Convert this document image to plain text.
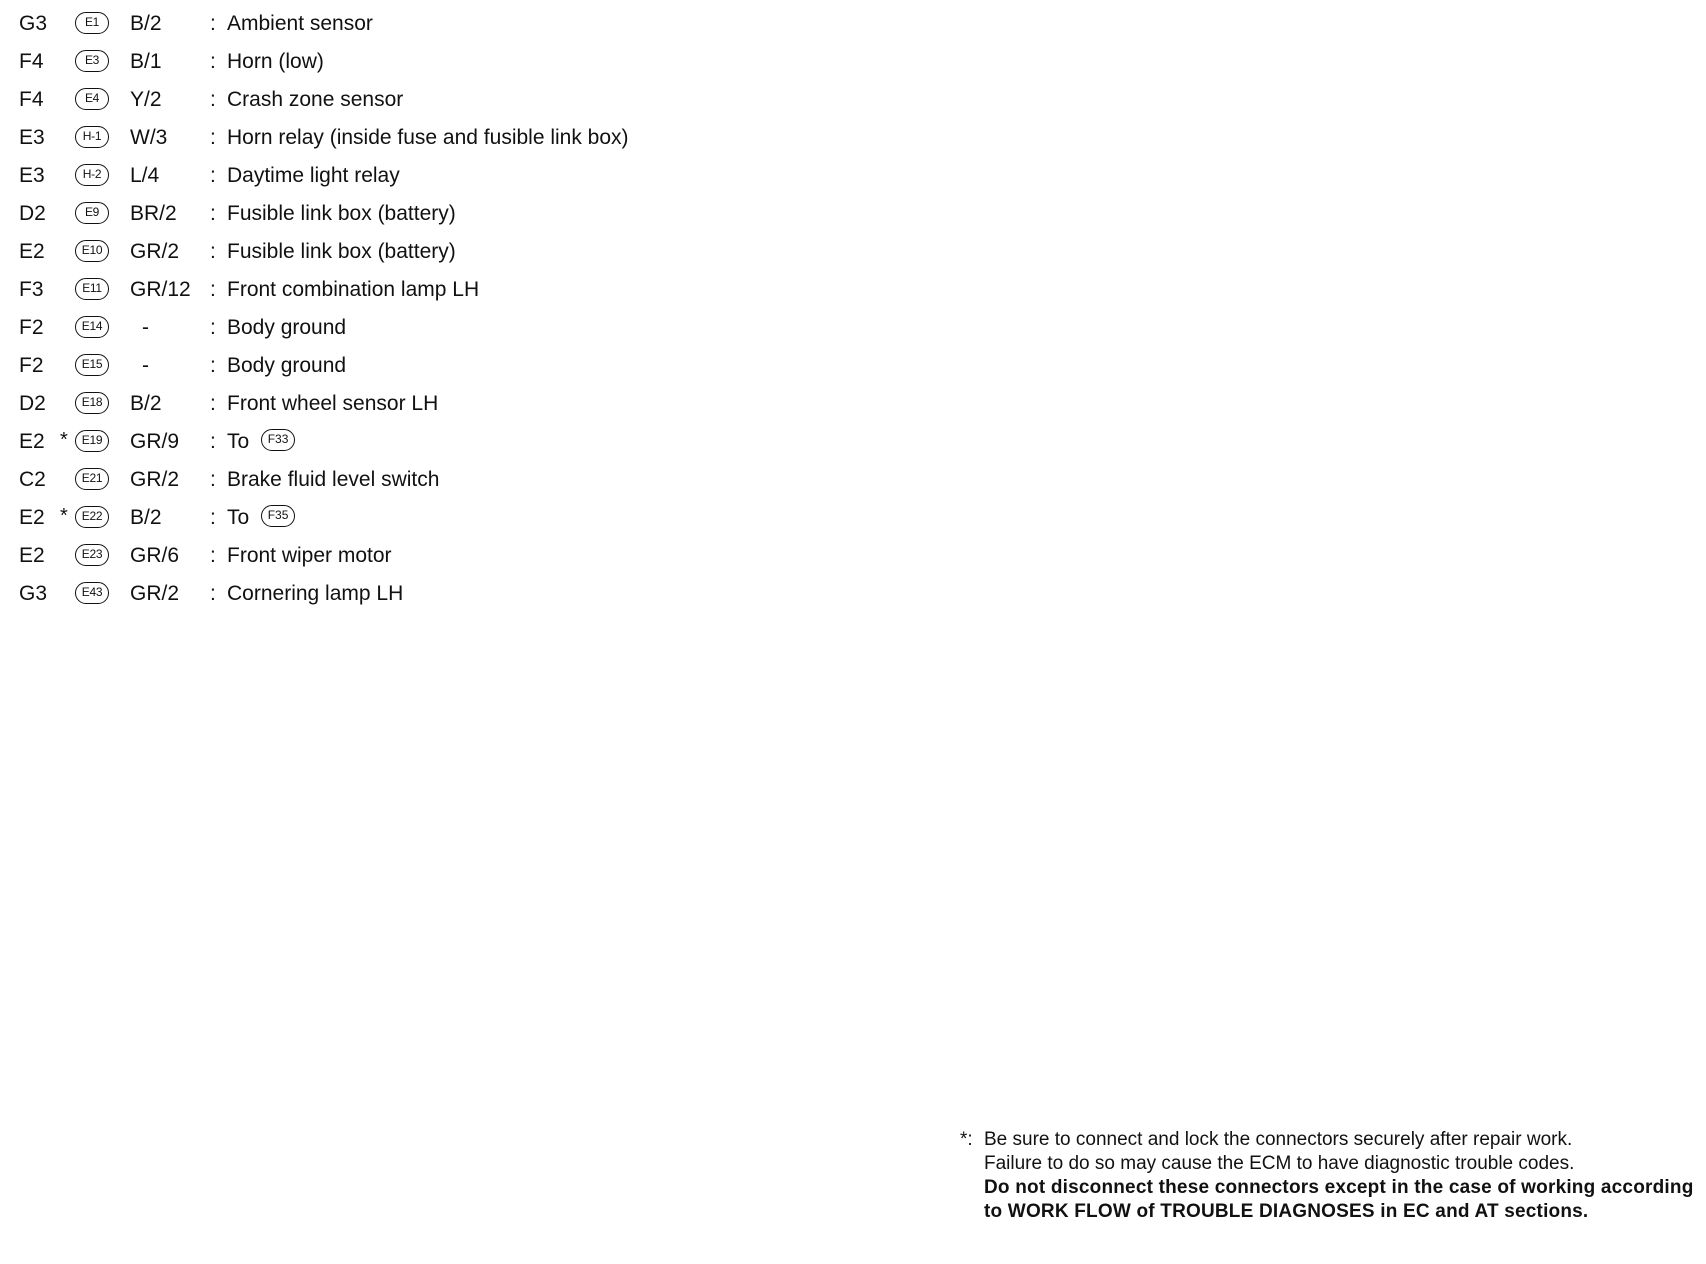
G3	E1	B/2 : Ambient sensor
F4	E3	B/1 : Horn (low)
F4	E4	Y/2 : Crash zone sensor
E3	H-1	W/3 : Horn relay (inside fuse and fusible link box)
E3	H-2	L/4 : Daytime light relay
D2	E9	BR/2 : Fusible link box (battery)
E2	E10	GR/2 : Fusible link box (battery)
F3	E11	GR/12 : Front combination lamp LH
F2	E14	-	: Body ground
F2	E15	-	: Body ground
D2	E18	B/2 : Front wheel sensor LH
E2 *	E19	GR/9 : To F33
C2	E21	GR/2 : Brake fluid level switch
E2 *	E22	B/2 : To F35
E2	E23	GR/6 : Front wiper motor
G3	E43	GR/2 : Cornering lamp LH
*: Be sure to connect and lock the connectors securely after repair work.
Failure to do so may cause the ECM to have diagnostic trouble codes.
Do not disconnect these connectors except in the case of working according to WORK FLOW of TROUBLE DIAGNOSES in EC and AT sections.
